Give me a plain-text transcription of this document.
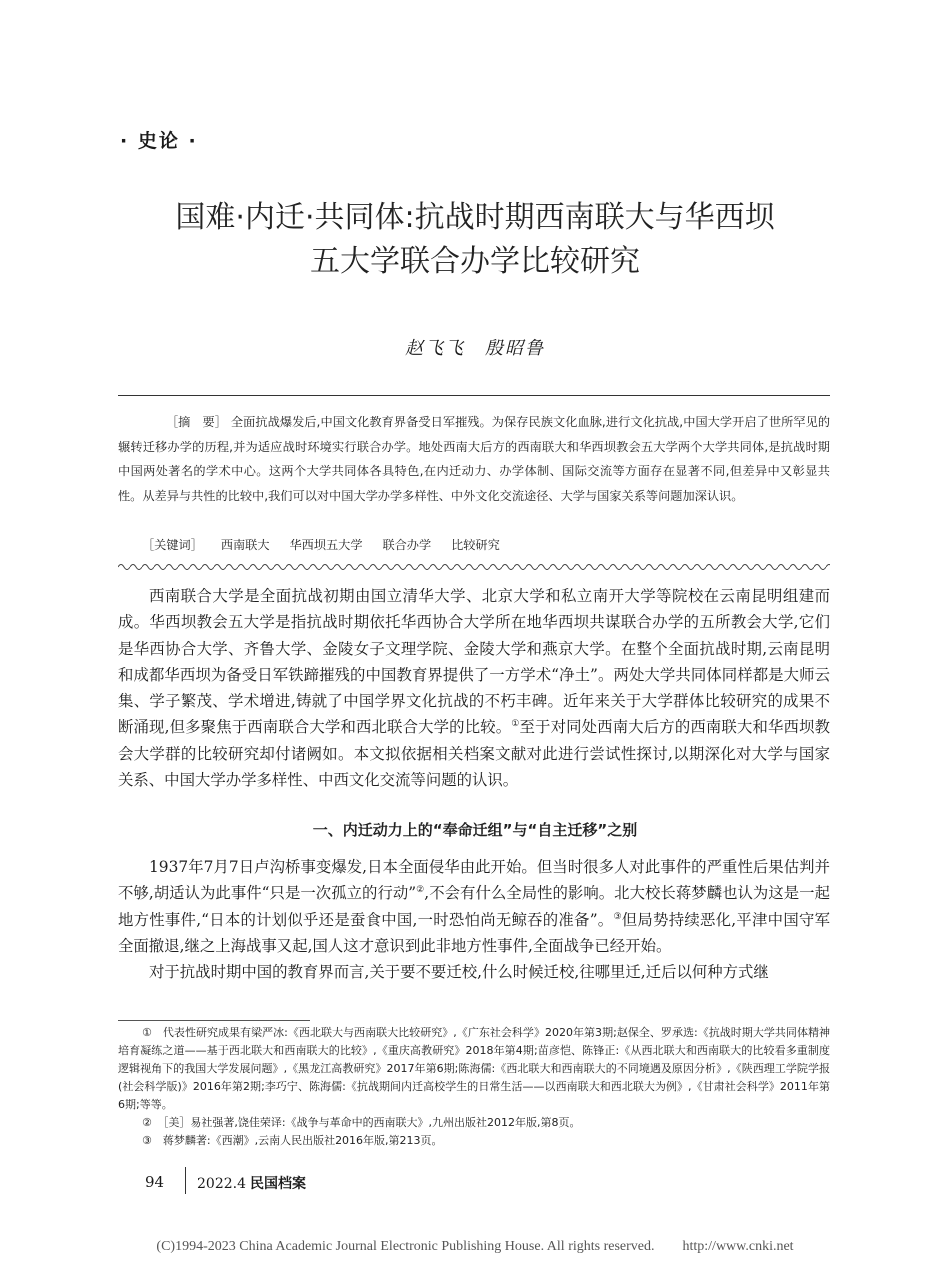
· 史论 ·
国难·内迁·共同体:抗战时期西南联大与华西坝
五大学联合办学比较研究
赵飞飞　殷昭鲁

［摘　要］ 全面抗战爆发后,中国文化教育界备受日军摧残。为保存民族文化血脉,进行文化抗战,中国大学开启了世所罕见的辗转迁移办学的历程,并为适应战时环境实行联合办学。地处西南大后方的西南联大和华西坝教会五大学两个大学共同体,是抗战时期中国两处著名的学术中心。这两个大学共同体各具特色,在内迁动力、办学体制、国际交流等方面存在显著不同,但差异中又彰显共性。从差异与共性的比较中,我们可以对中国大学办学多样性、中外文化交流途径、大学与国家关系等问题加深认识。

［关键词］ 西南联大 华西坝五大学 联合办学 比较研究

西南联合大学是全面抗战初期由国立清华大学、北京大学和私立南开大学等院校在云南昆明组建而成。华西坝教会五大学是指抗战时期依托华西协合大学所在地华西坝共谋联合办学的五所教会大学,它们是华西协合大学、齐鲁大学、金陵女子文理学院、金陵大学和燕京大学。在整个全面抗战时期,云南昆明和成都华西坝为备受日军铁蹄摧残的中国教育界提供了一方学术“净土”。两处大学共同体同样都是大师云集、学子繁茂、学术增进,铸就了中国学界文化抗战的不朽丰碑。近年来关于大学群体比较研究的成果不断涌现,但多聚焦于西南联合大学和西北联合大学的比较。①至于对同处西南大后方的西南联大和华西坝教会大学群的比较研究却付诸阙如。本文拟依据相关档案文献对此进行尝试性探讨,以期深化对大学与国家关系、中国大学办学多样性、中西文化交流等问题的认识。

一、内迁动力上的“奉命迁组”与“自主迁移”之别

1937年7月7日卢沟桥事变爆发,日本全面侵华由此开始。但当时很多人对此事件的严重性后果估判并不够,胡适认为此事件“只是一次孤立的行动”②,不会有什么全局性的影响。北大校长蒋梦麟也认为这是一起地方性事件,“日本的计划似乎还是蚕食中国,一时恐怕尚无鲸吞的准备”。③但局势持续恶化,平津中国守军全面撤退,继之上海战事又起,国人这才意识到此非地方性事件,全面战争已经开始。

对于抗战时期中国的教育界而言,关于要不要迁校,什么时候迁校,往哪里迁,迁后以何种方式继

①　代表性研究成果有梁严冰:《西北联大与西南联大比较研究》,《广东社会科学》2020年第3期;赵保全、罗承选:《抗战时期大学共同体精神培育凝练之道——基于西北联大和西南联大的比较》,《重庆高教研究》2018年第4期;苗彦恺、陈锋正:《从西北联大和西南联大的比较看多重制度逻辑视角下的我国大学发展问题》,《黑龙江高教研究》2017年第6期;陈海儒:《西北联大和西南联大的不同境遇及原因分析》,《陕西理工学院学报(社会科学版)》2016年第2期;李巧宁、陈海儒:《抗战期间内迁高校学生的日常生活——以西南联大和西北联大为例》,《甘肃社会科学》2011年第6期;等等。

②　［美］易社强著,饶佳荣译:《战争与革命中的西南联大》,九州出版社2012年版,第8页。

③　蒋梦麟著:《西潮》,云南人民出版社2016年版,第213页。

94 2022.4 民国档案
(C)1994-2023 China Academic Journal Electronic Publishing House. All rights reserved.　　http://www.cnki.net
